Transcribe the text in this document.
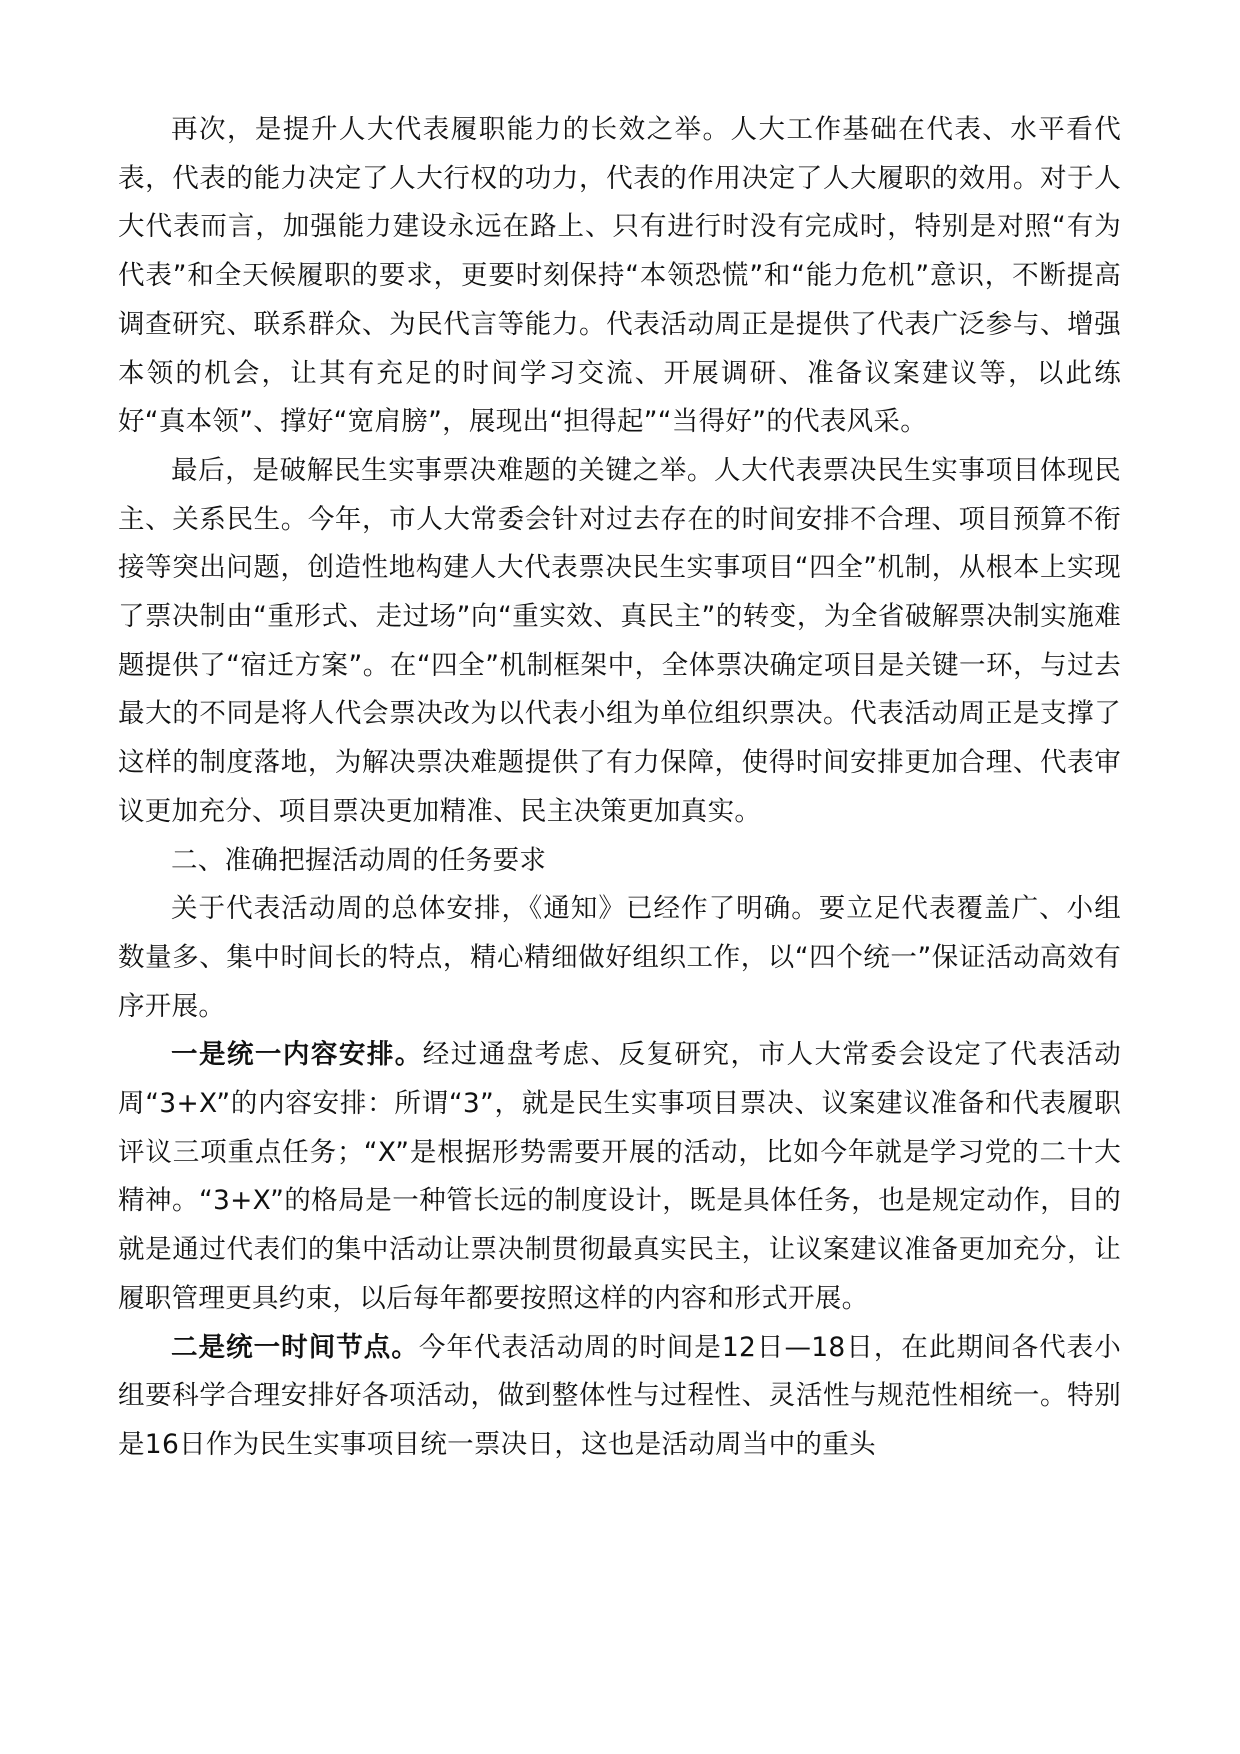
再次，是提升人大代表履职能力的长效之举。人大工作基础在代表、水平看代表，代表的能力决定了人大行权的功力，代表的作用决定了人大履职的效用。对于人大代表而言，加强能力建设永远在路上、只有进行时没有完成时，特别是对照“有为代表”和全天候履职的要求，更要时刻保持“本领恐慌”和“能力危机”意识，不断提高调查研究、联系群众、为民代言等能力。代表活动周正是提供了代表广泛参与、增强本领的机会，让其有充足的时间学习交流、开展调研、准备议案建议等，以此练好“真本领”、撑好“宽肩膀”，展现出“担得起”“当得好”的代表风采。

最后，是破解民生实事票决难题的关键之举。人大代表票决民生实事项目体现民主、关系民生。今年，市人大常委会针对过去存在的时间安排不合理、项目预算不衔接等突出问题，创造性地构建人大代表票决民生实事项目“四全”机制，从根本上实现了票决制由“重形式、走过场”向“重实效、真民主”的转变，为全省破解票决制实施难题提供了“宿迁方案”。在“四全”机制框架中，全体票决确定项目是关键一环，与过去最大的不同是将人代会票决改为以代表小组为单位组织票决。代表活动周正是支撑了这样的制度落地，为解决票决难题提供了有力保障，使得时间安排更加合理、代表审议更加充分、项目票决更加精准、民主决策更加真实。

二、准确把握活动周的任务要求

关于代表活动周的总体安排，《通知》已经作了明确。要立足代表覆盖广、小组数量多、集中时间长的特点，精心精细做好组织工作，以“四个统一”保证活动高效有序开展。

一是统一内容安排。经过通盘考虑、反复研究，市人大常委会设定了代表活动周“3+X”的内容安排：所谓“3”，就是民生实事项目票决、议案建议准备和代表履职评议三项重点任务；“X”是根据形势需要开展的活动，比如今年就是学习党的二十大精神。“3+X”的格局是一种管长远的制度设计，既是具体任务，也是规定动作，目的就是通过代表们的集中活动让票决制贯彻最真实民主，让议案建议准备更加充分，让履职管理更具约束，以后每年都要按照这样的内容和形式开展。

二是统一时间节点。今年代表活动周的时间是12日—18日，在此期间各代表小组要科学合理安排好各项活动，做到整体性与过程性、灵活性与规范性相统一。特别是16日作为民生实事项目统一票决日，这也是活动周当中的重头
